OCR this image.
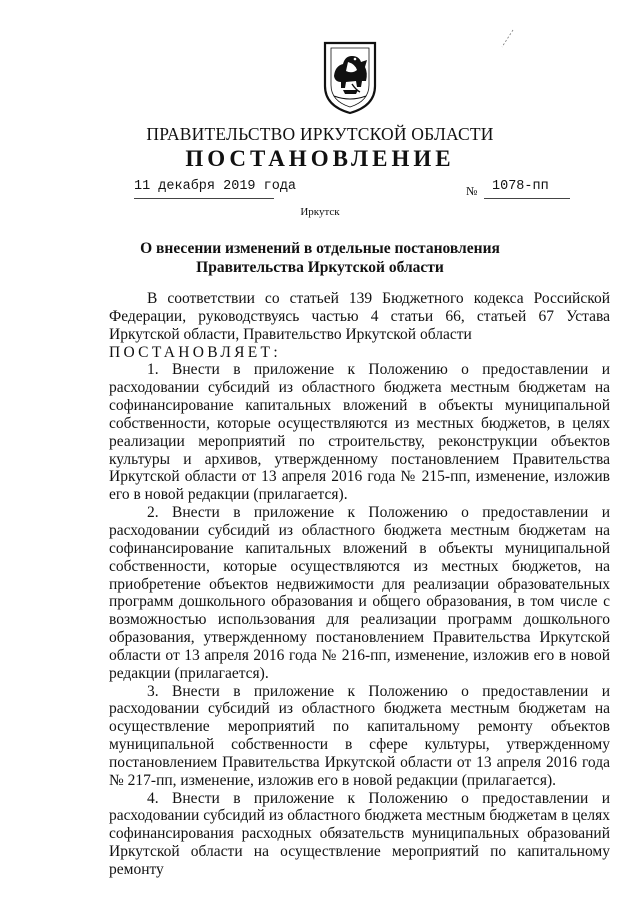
ПРАВИТЕЛЬСТВО ИРКУТСКОЙ ОБЛАСТИ
ПОСТАНОВЛЕНИЕ
11 декабря 2019 года	№ 1078-пп
Иркутск
О внесении изменений в отдельные постановления
Правительства Иркутской области

В соответствии со статьей 139 Бюджетного кодекса Российской Федерации, руководствуясь частью 4 статьи 66, статьей 67 Устава Иркутской области, Правительство Иркутской области

ПОСТАНОВЛЯЕТ:

1. Внести в приложение к Положению о предоставлении и расходовании субсидий из областного бюджета местным бюджетам на софинансирование капитальных вложений в объекты муниципальной собственности, которые осуществляются из местных бюджетов, в целях реализации мероприятий по строительству, реконструкции объектов культуры и архивов, утвержденному постановлением Правительства Иркутской области от 13 апреля 2016 года № 215-пп, изменение, изложив его в новой редакции (прилагается).

2. Внести в приложение к Положению о предоставлении и расходовании субсидий из областного бюджета местным бюджетам на софинансирование капитальных вложений в объекты муниципальной собственности, которые осуществляются из местных бюджетов, на приобретение объектов недвижимости для реализации образовательных программ дошкольного образования и общего образования, в том числе с возможностью использования для реализации программ дошкольного образования, утвержденному постановлением Правительства Иркутской области от 13 апреля 2016 года № 216-пп, изменение, изложив его в новой редакции (прилагается).

3. Внести в приложение к Положению о предоставлении и расходовании субсидий из областного бюджета местным бюджетам на осуществление мероприятий по капитальному ремонту объектов муниципальной собственности в сфере культуры, утвержденному постановлением Правительства Иркутской области от 13 апреля 2016 года № 217-пп, изменение, изложив его в новой редакции (прилагается).

4. Внести в приложение к Положению о предоставлении и расходовании субсидий из областного бюджета местным бюджетам в целях софинансирования расходных обязательств муниципальных образований Иркутской области на осуществление мероприятий по капитальному ремонту
